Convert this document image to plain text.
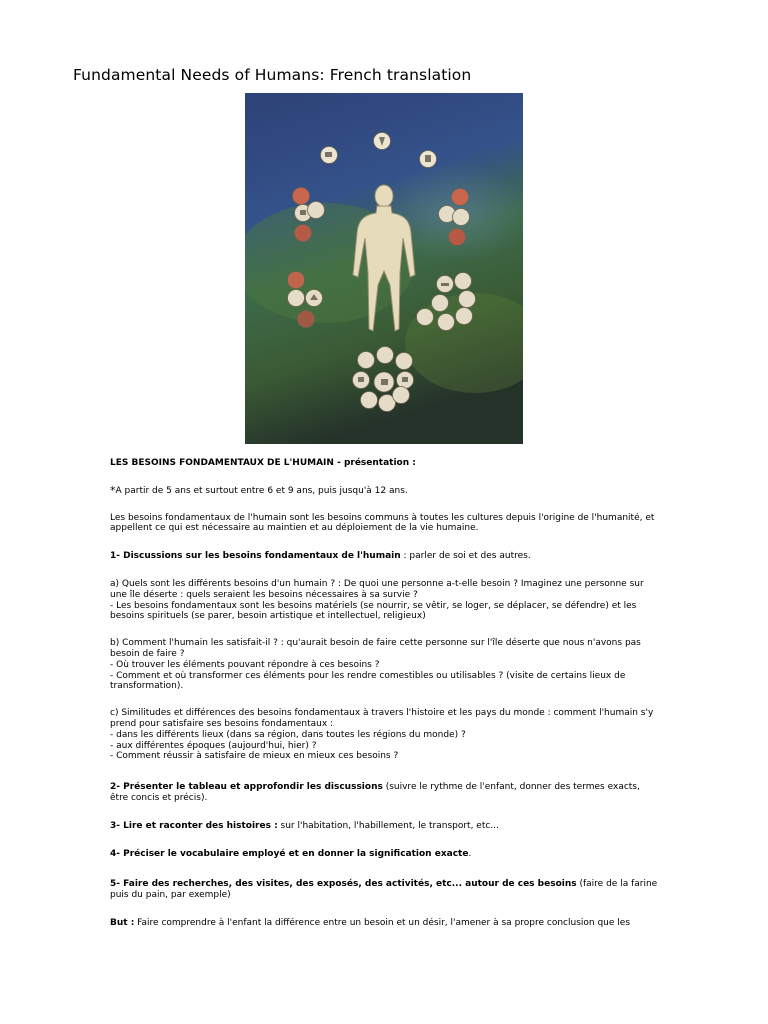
Fundamental Needs of Humans: French translation

LES BESOINS FONDAMENTAUX DE L'HUMAIN - présentation :

*A partir de 5 ans et surtout entre 6 et 9 ans, puis jusqu'à 12 ans.

Les besoins fondamentaux de l'humain sont les besoins communs à toutes les cultures depuis l'origine de l'humanité, et
appellent ce qui est nécessaire au maintien et au déploiement de la vie humaine.

1- Discussions sur les besoins fondamentaux de l'humain : parler de soi et des autres.

a) Quels sont les différents besoins d'un humain ? : De quoi une personne a-t-elle besoin ? Imaginez une personne sur
une île déserte : quels seraient les besoins nécessaires à sa survie ?
- Les besoins fondamentaux sont les besoins matériels (se nourrir, se vêtir, se loger, se déplacer, se défendre) et les
besoins spirituels (se parer, besoin artistique et intellectuel, religieux)

b) Comment l'humain les satisfait-il ? : qu'aurait besoin de faire cette personne sur l'île déserte que nous n'avons pas
besoin de faire ?
- Où trouver les éléments pouvant répondre à ces besoins ?
- Comment et où transformer ces éléments pour les rendre comestibles ou utilisables ? (visite de certains lieux de
transformation).

c) Similitudes et différences des besoins fondamentaux à travers l'histoire et les pays du monde : comment l'humain s'y
prend pour satisfaire ses besoins fondamentaux :
- dans les différents lieux (dans sa région, dans toutes les régions du monde) ?
- aux différentes époques (aujourd'hui, hier) ?
- Comment réussir à satisfaire de mieux en mieux ces besoins ?

2- Présenter le tableau et approfondir les discussions (suivre le rythme de l'enfant, donner des termes exacts,
être concis et précis).

3- Lire et raconter des histoires : sur l'habitation, l'habillement, le transport, etc...

4- Préciser le vocabulaire employé et en donner la signification exacte.

5- Faire des recherches, des visites, des exposés, des activités, etc... autour de ces besoins (faire de la farine
puis du pain, par exemple)

But : Faire comprendre à l'enfant la différence entre un besoin et un désir, l'amener à sa propre conclusion que les
